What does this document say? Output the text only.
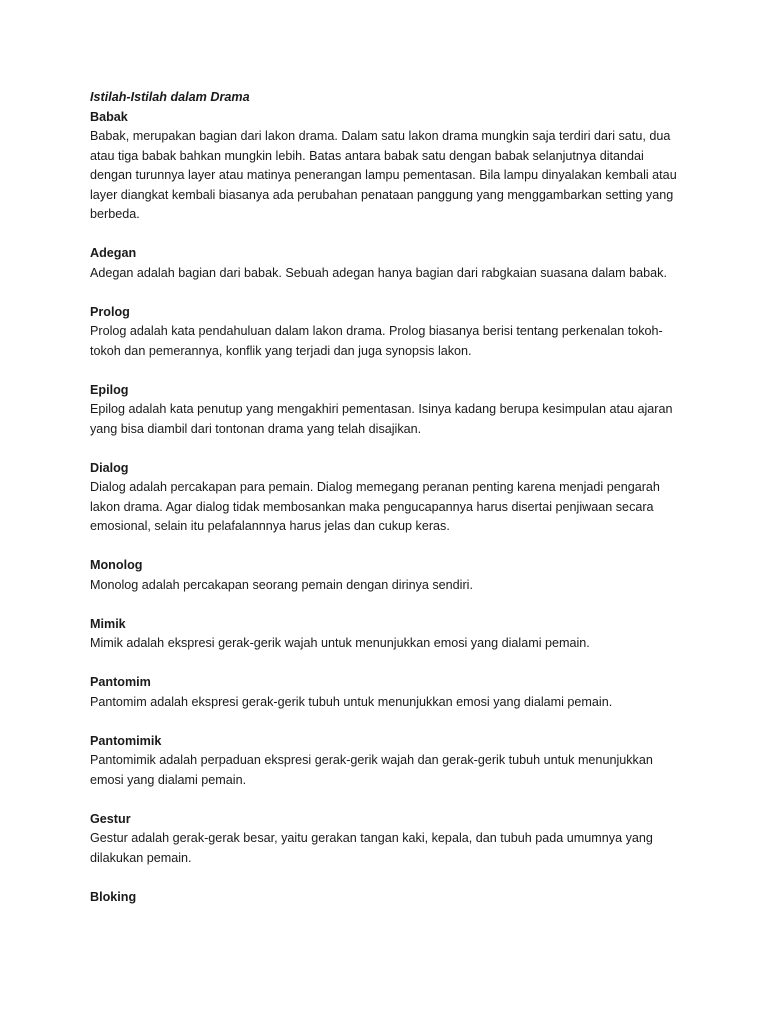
Istilah-Istilah dalam Drama

Babak

Babak, merupakan bagian dari lakon drama. Dalam satu lakon drama mungkin saja terdiri dari satu, dua atau tiga babak bahkan mungkin lebih. Batas antara babak satu dengan babak selanjutnya ditandai dengan turunnya layer atau matinya penerangan lampu pementasan. Bila lampu dinyalakan kembali atau layer diangkat kembali biasanya ada perubahan penataan panggung yang menggambarkan setting yang berbeda.

Adegan

Adegan adalah bagian dari babak. Sebuah adegan hanya bagian dari rabgkaian suasana dalam babak.

Prolog

Prolog adalah kata pendahuluan dalam lakon drama. Prolog biasanya berisi tentang perkenalan tokoh-tokoh dan pemerannya, konflik yang terjadi dan juga synopsis lakon.

Epilog

Epilog adalah kata penutup yang mengakhiri pementasan. Isinya kadang berupa kesimpulan atau ajaran yang bisa diambil dari tontonan drama yang telah disajikan.

Dialog

Dialog adalah percakapan para pemain. Dialog memegang peranan penting karena menjadi pengarah lakon drama. Agar dialog tidak membosankan maka pengucapannya harus disertai penjiwaan secara emosional, selain itu pelafalannnya harus jelas dan cukup keras.

Monolog

Monolog adalah percakapan seorang pemain dengan dirinya sendiri.

Mimik

Mimik adalah ekspresi gerak-gerik wajah untuk menunjukkan emosi yang dialami pemain.

Pantomim

Pantomim adalah ekspresi gerak-gerik tubuh untuk menunjukkan emosi yang dialami pemain.

Pantomimik

Pantomimik adalah perpaduan ekspresi gerak-gerik wajah dan gerak-gerik tubuh untuk menunjukkan emosi yang dialami pemain.

Gestur

Gestur adalah gerak-gerak besar, yaitu gerakan tangan kaki, kepala, dan tubuh pada umumnya yang dilakukan pemain.

Bloking
